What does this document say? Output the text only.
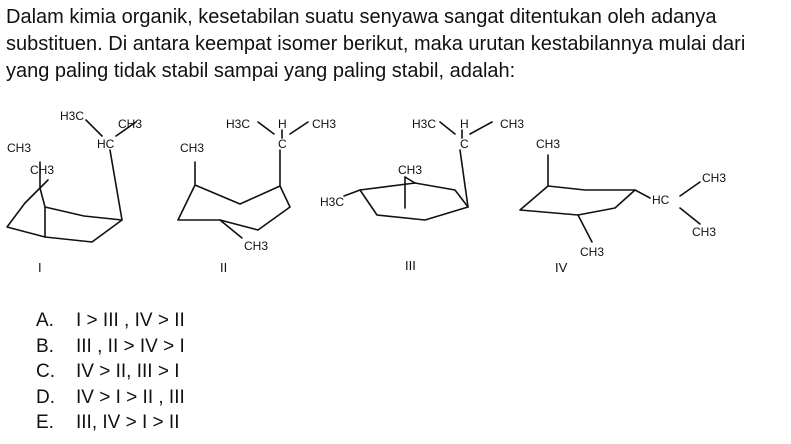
Dalam kimia organik, kesetabilan suatu senyawa sangat ditentukan oleh adanya
substituen. Di antara keempat isomer berikut, maka urutan kestabilannya mulai dari
yang paling tidak stabil sampai yang paling stabil, adalah:
H3C
CH3
HC
CH3
CH3
I
H3C H
C
CH3
CH3
CH3
II
H3C H
C
CH3
CH3
H3C
III
CH3
CH3
HC
CH3
CH3
IV
A. I > III , IV > II
B. III , II > IV > I
C. IV > II, III > I
D. IV > I > II , III
E. III, IV > I > II
